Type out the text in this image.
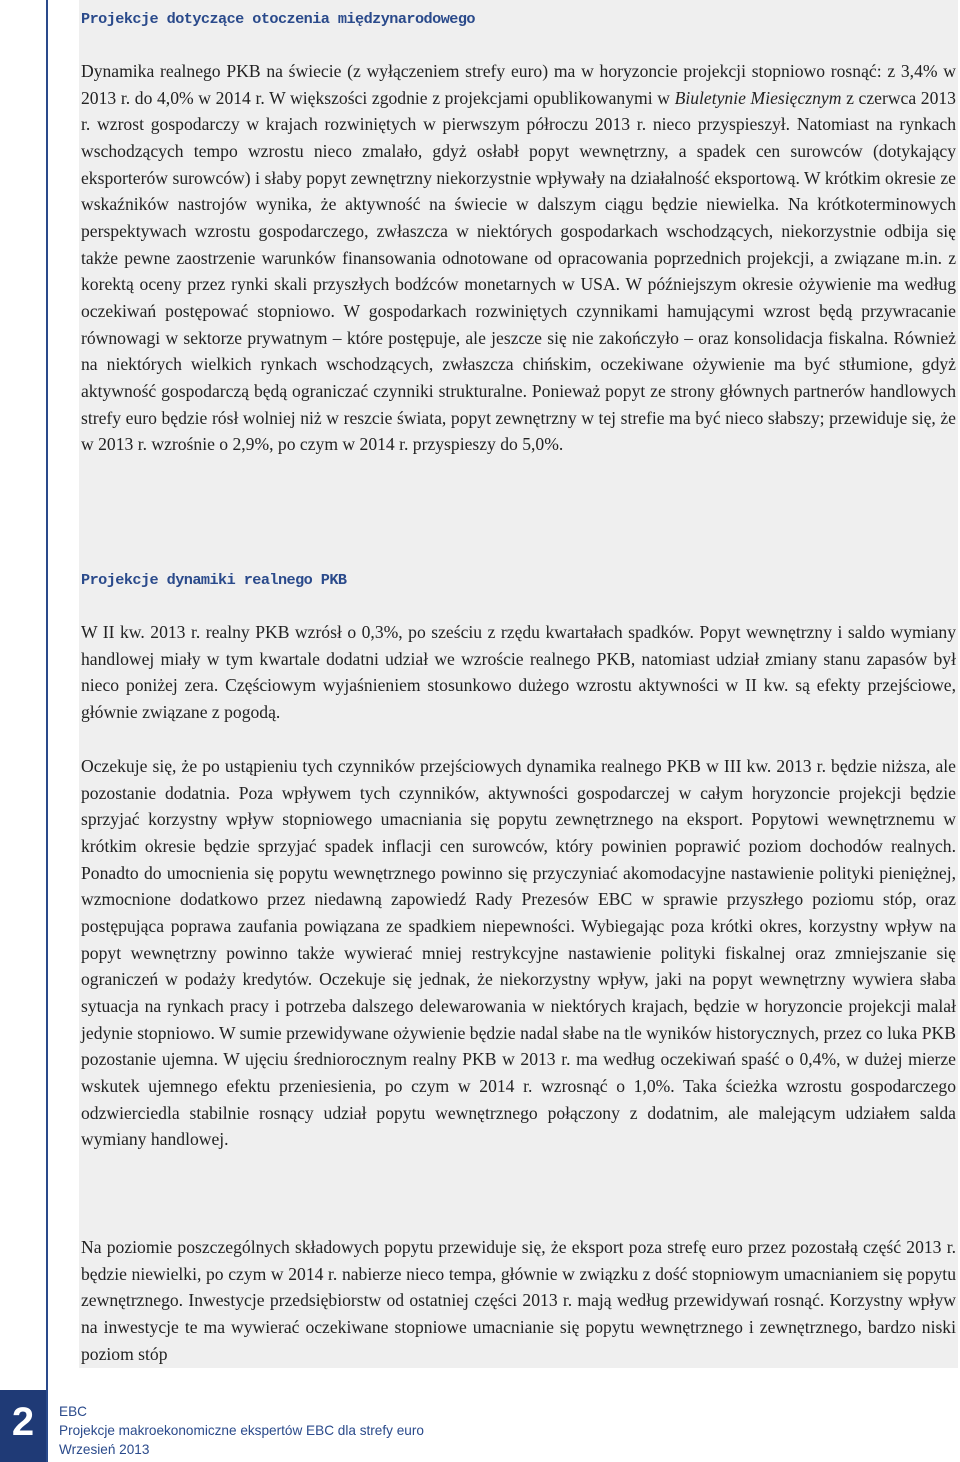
Projekcje dotyczące otoczenia międzynarodowego

Dynamika realnego PKB na świecie (z wyłączeniem strefy euro) ma w horyzoncie projekcji stopniowo rosnąć: z 3,4% w 2013 r. do 4,0% w 2014 r. W większości zgodnie z projekcjami opublikowanymi w Biuletynie Miesięcznym z czerwca 2013 r. wzrost gospodarczy w krajach rozwiniętych w pierwszym półroczu 2013 r. nieco przyspieszył. Natomiast na rynkach wschodzących tempo wzrostu nieco zmalało, gdyż osłabł popyt wewnętrzny, a spadek cen surowców (dotykający eksporterów surowców) i słaby popyt zewnętrzny niekorzystnie wpływały na działalność eksportową. W krótkim okresie ze wskaźników nastrojów wynika, że aktywność na świecie w dalszym ciągu będzie niewielka. Na krótkoterminowych perspektywach wzrostu gospodarczego, zwłaszcza w niektórych gospodarkach wschodzących, niekorzystnie odbija się także pewne zaostrzenie warunków finansowania odnotowane od opracowania poprzednich projekcji, a związane m.in. z korektą oceny przez rynki skali przyszłych bodźców monetarnych w USA. W późniejszym okresie ożywienie ma według oczekiwań postępować stopniowo. W gospodarkach rozwiniętych czynnikami hamującymi wzrost będą przywracanie równowagi w sektorze prywatnym – które postępuje, ale jeszcze się nie zakończyło – oraz konsolidacja fiskalna. Również na niektórych wielkich rynkach wschodzących, zwłaszcza chińskim, oczekiwane ożywienie ma być stłumione, gdyż aktywność gospodarczą będą ograniczać czynniki strukturalne. Ponieważ popyt ze strony głównych partnerów handlowych strefy euro będzie rósł wolniej niż w reszcie świata, popyt zewnętrzny w tej strefie ma być nieco słabszy; przewiduje się, że w 2013 r. wzrośnie o 2,9%, po czym w 2014 r. przyspieszy do 5,0%.

Projekcje dynamiki realnego PKB

W II kw. 2013 r. realny PKB wzrósł o 0,3%, po sześciu z rzędu kwartałach spadków. Popyt wewnętrzny i saldo wymiany handlowej miały w tym kwartale dodatni udział we wzroście realnego PKB, natomiast udział zmiany stanu zapasów był nieco poniżej zera. Częściowym wyjaśnieniem stosunkowo dużego wzrostu aktywności w II kw. są efekty przejściowe, głównie związane z pogodą.

Oczekuje się, że po ustąpieniu tych czynników przejściowych dynamika realnego PKB w III kw. 2013 r. będzie niższa, ale pozostanie dodatnia. Poza wpływem tych czynników, aktywności gospodarczej w całym horyzoncie projekcji będzie sprzyjać korzystny wpływ stopniowego umacniania się popytu zewnętrznego na eksport. Popytowi wewnętrznemu w krótkim okresie będzie sprzyjać spadek inflacji cen surowców, który powinien poprawić poziom dochodów realnych. Ponadto do umocnienia się popytu wewnętrznego powinno się przyczyniać akomodacyjne nastawienie polityki pieniężnej, wzmocnione dodatkowo przez niedawną zapowiedź Rady Prezesów EBC w sprawie przyszłego poziomu stóp, oraz postępująca poprawa zaufania powiązana ze spadkiem niepewności. Wybiegając poza krótki okres, korzystny wpływ na popyt wewnętrzny powinno także wywierać mniej restrykcyjne nastawienie polityki fiskalnej oraz zmniejszanie się ograniczeń w podaży kredytów. Oczekuje się jednak, że niekorzystny wpływ, jaki na popyt wewnętrzny wywiera słaba sytuacja na rynkach pracy i potrzeba dalszego delewarowania w niektórych krajach, będzie w horyzoncie projekcji malał jedynie stopniowo. W sumie przewidywane ożywienie będzie nadal słabe na tle wyników historycznych, przez co luka PKB pozostanie ujemna. W ujęciu średniorocznym realny PKB w 2013 r. ma według oczekiwań spaść o 0,4%, w dużej mierze wskutek ujemnego efektu przeniesienia, po czym w 2014 r. wzrosnąć o 1,0%. Taka ścieżka wzrostu gospodarczego odzwierciedla stabilnie rosnący udział popytu wewnętrznego połączony z dodatnim, ale malejącym udziałem salda wymiany handlowej.

Na poziomie poszczególnych składowych popytu przewiduje się, że eksport poza strefę euro przez pozostałą część 2013 r. będzie niewielki, po czym w 2014 r. nabierze nieco tempa, głównie w związku z dość stopniowym umacnianiem się popytu zewnętrznego. Inwestycje przedsiębiorstw od ostatniej części 2013 r. mają według przewidywań rosnąć. Korzystny wpływ na inwestycje te ma wywierać oczekiwane stopniowe umacnianie się popytu wewnętrznego i zewnętrznego, bardzo niski poziom stóp

2	EBC
Projekcje makroekonomiczne ekspertów EBC dla strefy euro
Wrzesień 2013
